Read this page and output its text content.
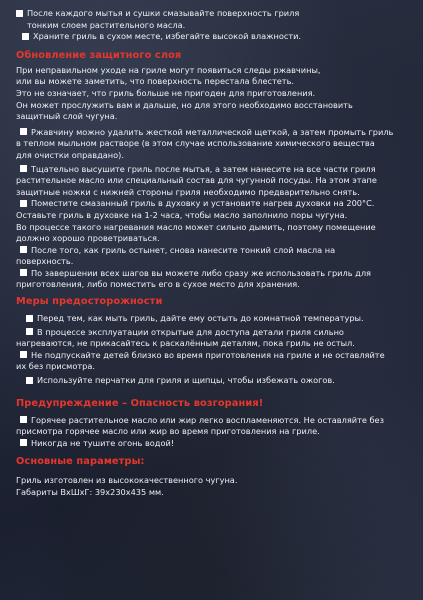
После каждого мытья и сушки смазывайте поверхность гриля

тонким слоем растительного масла.

Храните гриль в сухом месте, избегайте высокой влажности.

Обновление защитного слоя

При неправильном уходе на гриле могут появиться следы ржавчины,

или вы можете заметить, что поверхность перестала блестеть.

Это не означает, что гриль больше не пригоден для приготовления.

Он может прослужить вам и дальше, но для этого необходимо восстановить

защитный слой чугуна.

Ржавчину можно удалить жесткой металлической щеткой, а затем промыть гриль

в теплом мыльном растворе (в этом случае использование химического вещества

для очистки оправдано).

Тщательно высушите гриль после мытья, а затем нанесите на все части гриля

растительное масло или специальный состав для чугунной посуды. На этом этапе

защитные ножки с нижней стороны гриля необходимо предварительно снять.

Поместите смазанный гриль в духовку и установите нагрев духовки на 200°С.

Оставьте гриль в духовке на 1-2 часа, чтобы масло заполнило поры чугуна.

Во процессе такого нагревания масло может сильно дымить, поэтому помещение

должно хорошо проветриваться.

После того, как гриль остынет, снова нанесите тонкий слой масла на

поверхность.

По завершении всех шагов вы можете либо сразу же использовать гриль для

приготовления, либо поместить его в сухое место для хранения.

Меры предосторожности

Перед тем, как мыть гриль, дайте ему остыть до комнатной температуры.

В процессе эксплуатации открытые для доступа детали гриля сильно

нагреваются, не прикасайтесь к раскалённым деталям, пока гриль не остыл.

Не подпускайте детей близко во время приготовления на гриле и не оставляйте

их без присмотра.

Используйте перчатки для гриля и щипцы, чтобы избежать ожогов.

Предупреждение – Опасность возгорания!

Горячее растительное масло или жир легко воспламеняются. Не оставляйте без

присмотра горячее масло или жир во время приготовления на гриле.

Никогда не тушите огонь водой!

Основные параметры:

Гриль изготовлен из высококачественного чугуна.

Габариты ВхШхГ: 39х230х435 мм.
